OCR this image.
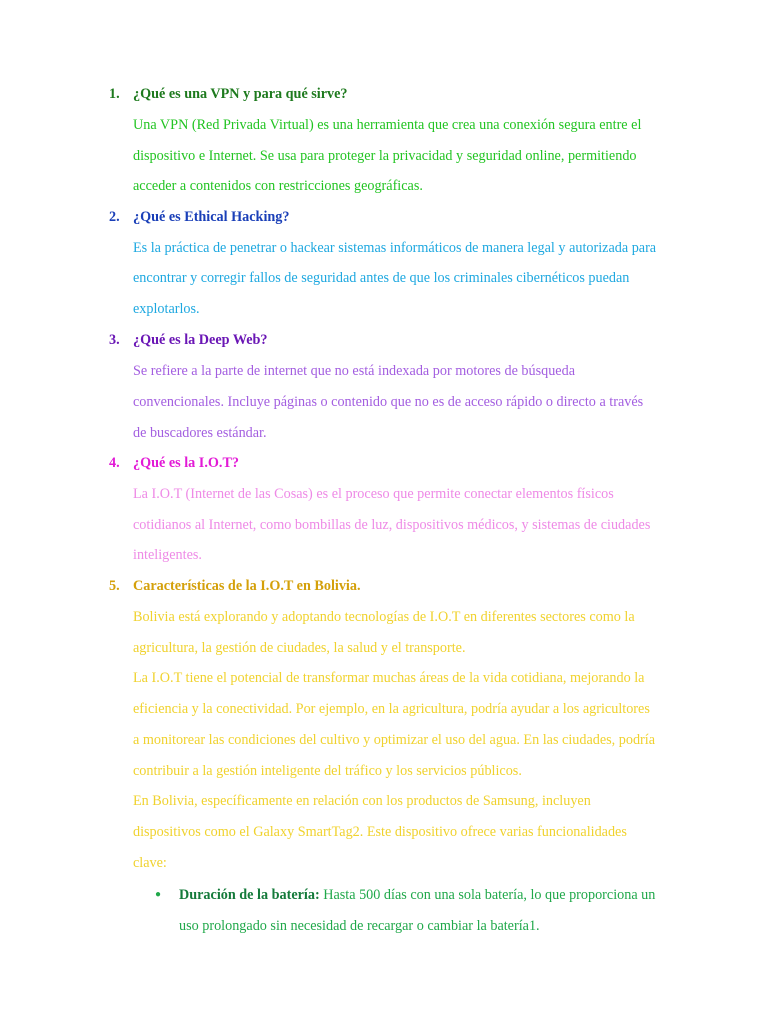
1. ¿Qué es una VPN y para qué sirve?
Una VPN (Red Privada Virtual) es una herramienta que crea una conexión segura entre el
dispositivo e Internet. Se usa para proteger la privacidad y seguridad online, permitiendo
acceder a contenidos con restricciones geográficas.
2. ¿Qué es Ethical Hacking?
Es la práctica de penetrar o hackear sistemas informáticos de manera legal y autorizada para
encontrar y corregir fallos de seguridad antes de que los criminales cibernéticos puedan
explotarlos.
3. ¿Qué es la Deep Web?
Se refiere a la parte de internet que no está indexada por motores de búsqueda
convencionales. Incluye páginas o contenido que no es de acceso rápido o directo a través
de buscadores estándar.
4. ¿Qué es la I.O.T?
La I.O.T (Internet de las Cosas) es el proceso que permite conectar elementos físicos
cotidianos al Internet, como bombillas de luz, dispositivos médicos, y sistemas de ciudades
inteligentes.
5. Características de la I.O.T en Bolivia.
Bolivia está explorando y adoptando tecnologías de I.O.T en diferentes sectores como la
agricultura, la gestión de ciudades, la salud y el transporte.
La I.O.T tiene el potencial de transformar muchas áreas de la vida cotidiana, mejorando la
eficiencia y la conectividad. Por ejemplo, en la agricultura, podría ayudar a los agricultores
a monitorear las condiciones del cultivo y optimizar el uso del agua. En las ciudades, podría
contribuir a la gestión inteligente del tráfico y los servicios públicos.
En Bolivia, específicamente en relación con los productos de Samsung, incluyen
dispositivos como el Galaxy SmartTag2. Este dispositivo ofrece varias funcionalidades
clave:
● Duración de la batería: Hasta 500 días con una sola batería, lo que proporciona un
uso prolongado sin necesidad de recargar o cambiar la batería1.
